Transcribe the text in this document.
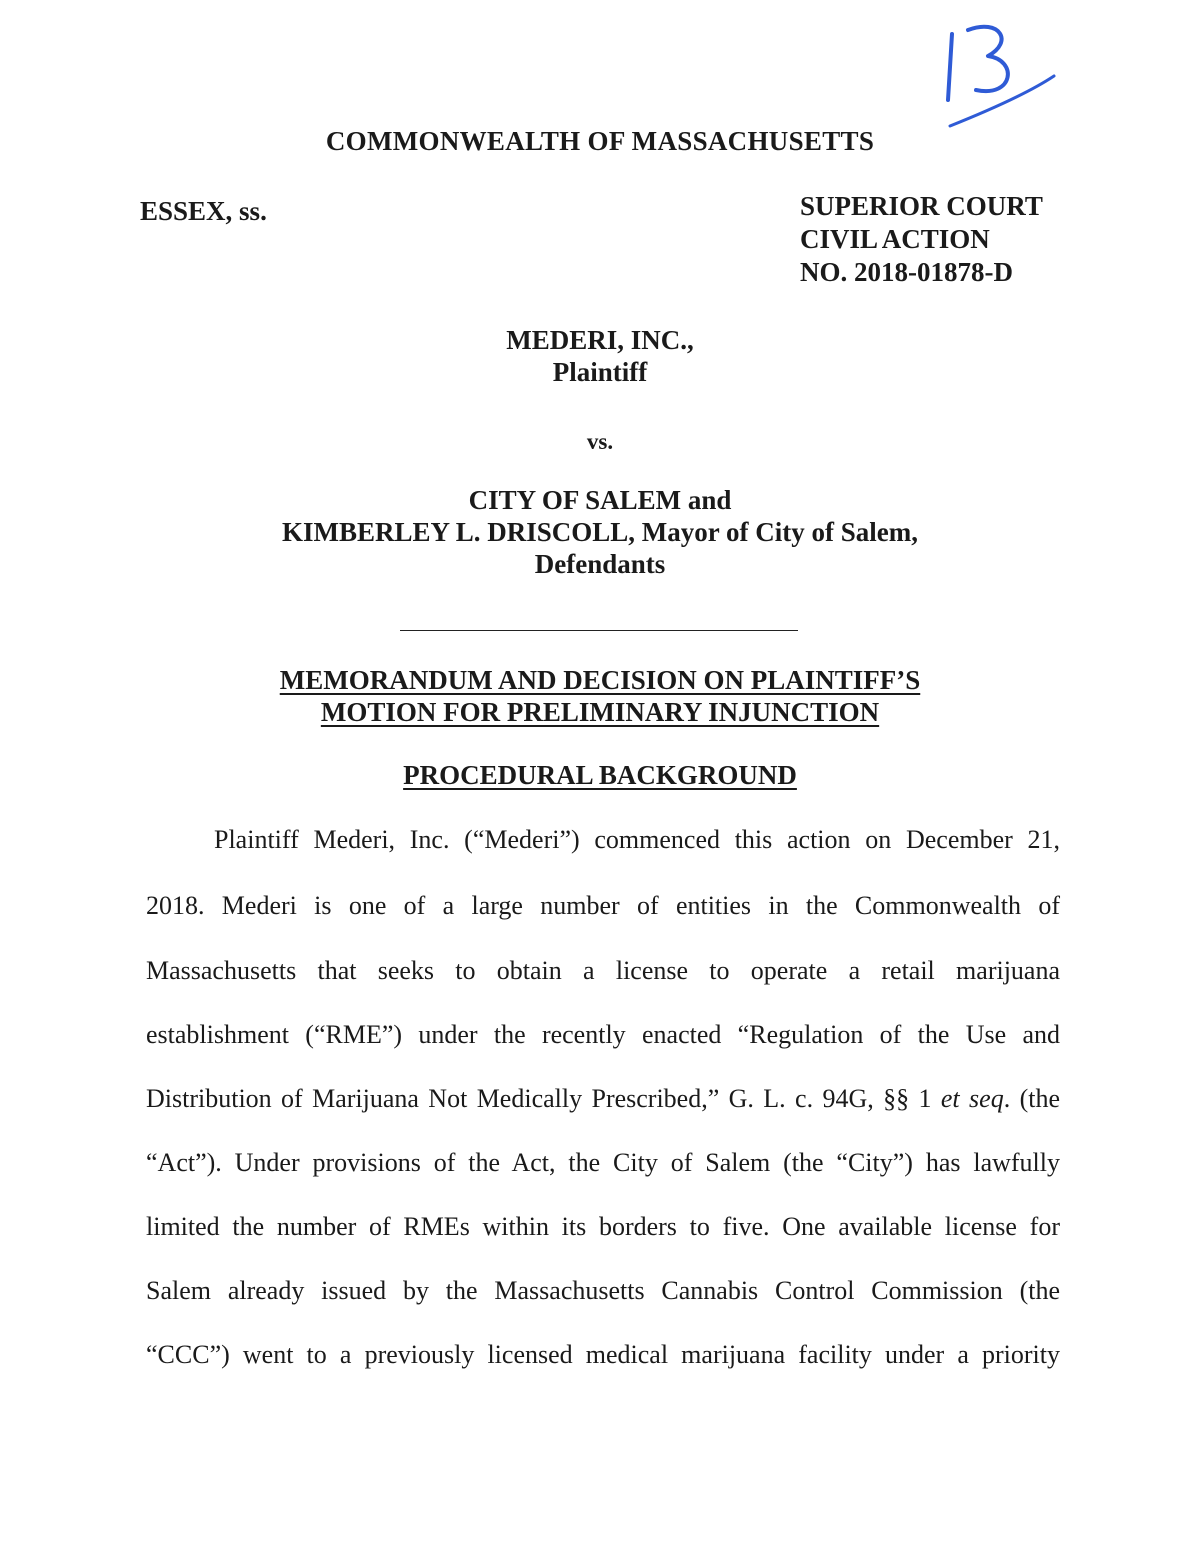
COMMONWEALTH OF MASSACHUSETTS
ESSEX, ss.	SUPERIOR COURT
CIVIL ACTION
NO. 2018-01878-D
MEDERI, INC.,
Plaintiff
vs.
CITY OF SALEM and
KIMBERLEY L. DRISCOLL, Mayor of City of Salem,
Defendants
MEMORANDUM AND DECISION ON PLAINTIFF’S
MOTION FOR PRELIMINARY INJUNCTION
PROCEDURAL BACKGROUND
Plaintiff Mederi, Inc. (“Mederi”) commenced this action on December 21,
2018. Mederi is one of a large number of entities in the Commonwealth of
Massachusetts that seeks to obtain a license to operate a retail marijuana
establishment (“RME”) under the recently enacted “Regulation of the Use and
Distribution of Marijuana Not Medically Prescribed,” G. L. c. 94G, §§ 1 et seq. (the
“Act”). Under provisions of the Act, the City of Salem (the “City”) has lawfully
limited the number of RMEs within its borders to five. One available license for
Salem already issued by the Massachusetts Cannabis Control Commission (the
“CCC”) went to a previously licensed medical marijuana facility under a priority
